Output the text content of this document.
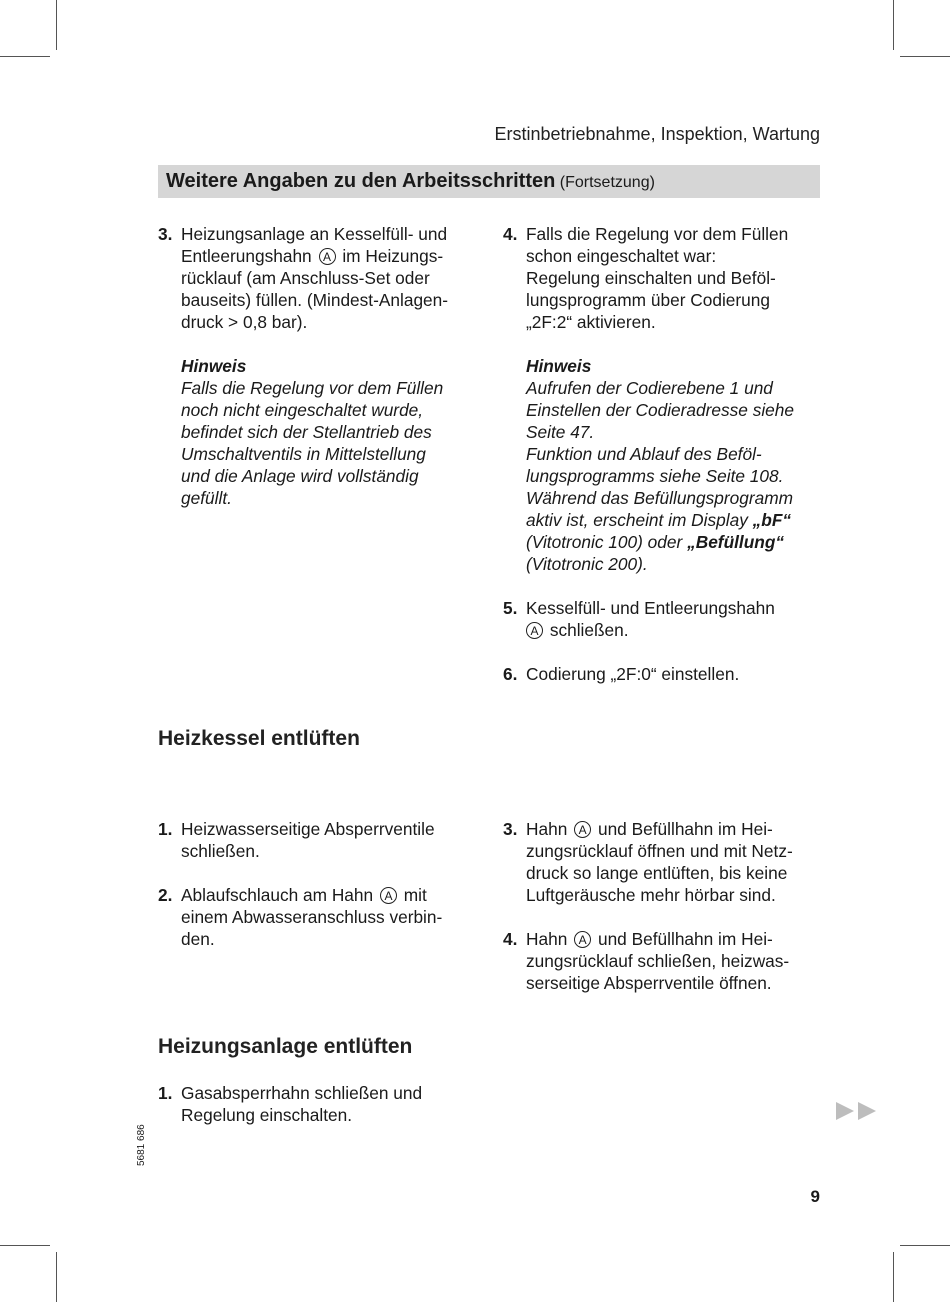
Erstinbetriebnahme, Inspektion, Wartung
Weitere Angaben zu den Arbeitsschritten (Fortsetzung)
3. Heizungsanlage an Kesselfüll- und
Entleerungshahn A im Heizungs-
rücklauf (am Anschluss-Set oder
bauseits) füllen. (Mindest-Anlagen-
druck > 0,8 bar).
Hinweis
Falls die Regelung vor dem Füllen
noch nicht eingeschaltet wurde,
befindet sich der Stellantrieb des
Umschaltventils in Mittelstellung
und die Anlage wird vollständig
gefüllt.
4. Falls die Regelung vor dem Füllen
schon eingeschaltet war:
Regelung einschalten und Beföl-
lungsprogramm über Codierung
„2F:2“ aktivieren.
Hinweis
Aufrufen der Codierebene 1 und
Einstellen der Codieradresse siehe
Seite 47.
Funktion und Ablauf des Beföl-
lungsprogramms siehe Seite 108.
Während das Befüllungsprogramm
aktiv ist, erscheint im Display „bF“
(Vitotronic 100) oder „Befüllung“
(Vitotronic 200).
5. Kesselfüll- und Entleerungshahn
A schließen.
6. Codierung „2F:0“ einstellen.
Heizkessel entlüften
1. Heizwasserseitige Absperrventile
schließen.
2. Ablaufschlauch am Hahn A mit
einem Abwasseranschluss verbin-
den.
3. Hahn A und Befüllhahn im Hei-
zungsrücklauf öffnen und mit Netz-
druck so lange entlüften, bis keine
Luftgeräusche mehr hörbar sind.
4. Hahn A und Befüllhahn im Hei-
zungsrücklauf schließen, heizwas-
serseitige Absperrventile öffnen.
Heizungsanlage entlüften
1. Gasabsperrhahn schließen und
Regelung einschalten.
5681 686
9
